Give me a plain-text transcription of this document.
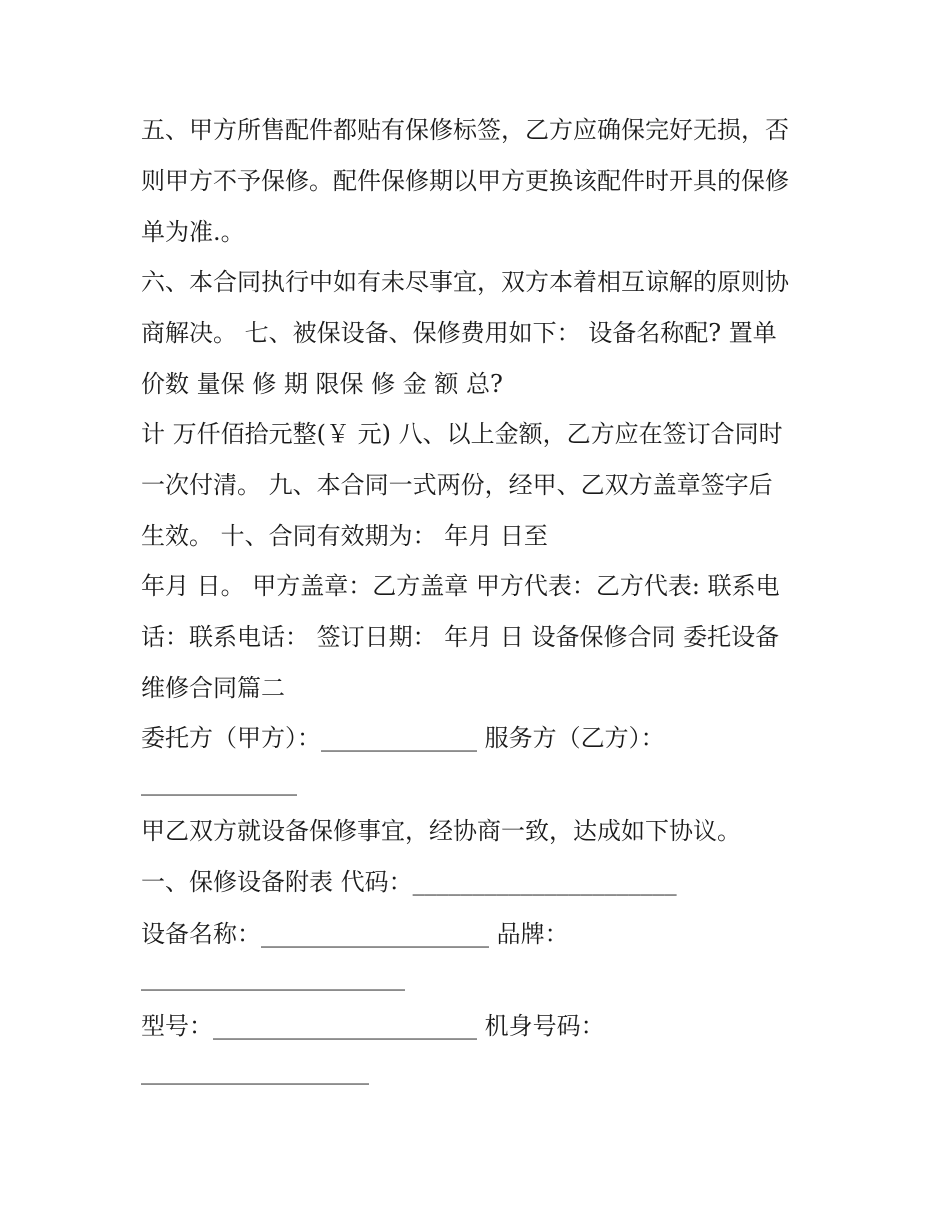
五、甲方所售配件都贴有保修标签，乙方应确保完好无损，否
则甲方不予保修。配件保修期以甲方更换该配件时开具的保修
单为准.。
六、本合同执行中如有未尽事宜，双方本着相互谅解的原则协
商解决。 七、被保设备、保修费用如下： 设备名称配? 置单
价数 量保 修 期 限保 修 金 额 总?
计 万仟佰拾元整(￥ 元) 八、以上金额，乙方应在签订合同时
一次付清。 九、本合同一式两份，经甲、乙双方盖章签字后
生效。 十、合同有效期为： 年月 日至
年月 日。 甲方盖章：乙方盖章 甲方代表：乙方代表: 联系电
话：联系电话： 签订日期： 年月 日 设备保修合同 委托设备
维修合同篇二
委托方（甲方）：_____________ 服务方（乙方）：
_____________
甲乙双方就设备保修事宜，经协商一致，达成如下协议。
一、保修设备附表 代码：______________________
设备名称：___________________ 品牌：
______________________
型号：______________________ 机身号码：
___________________
